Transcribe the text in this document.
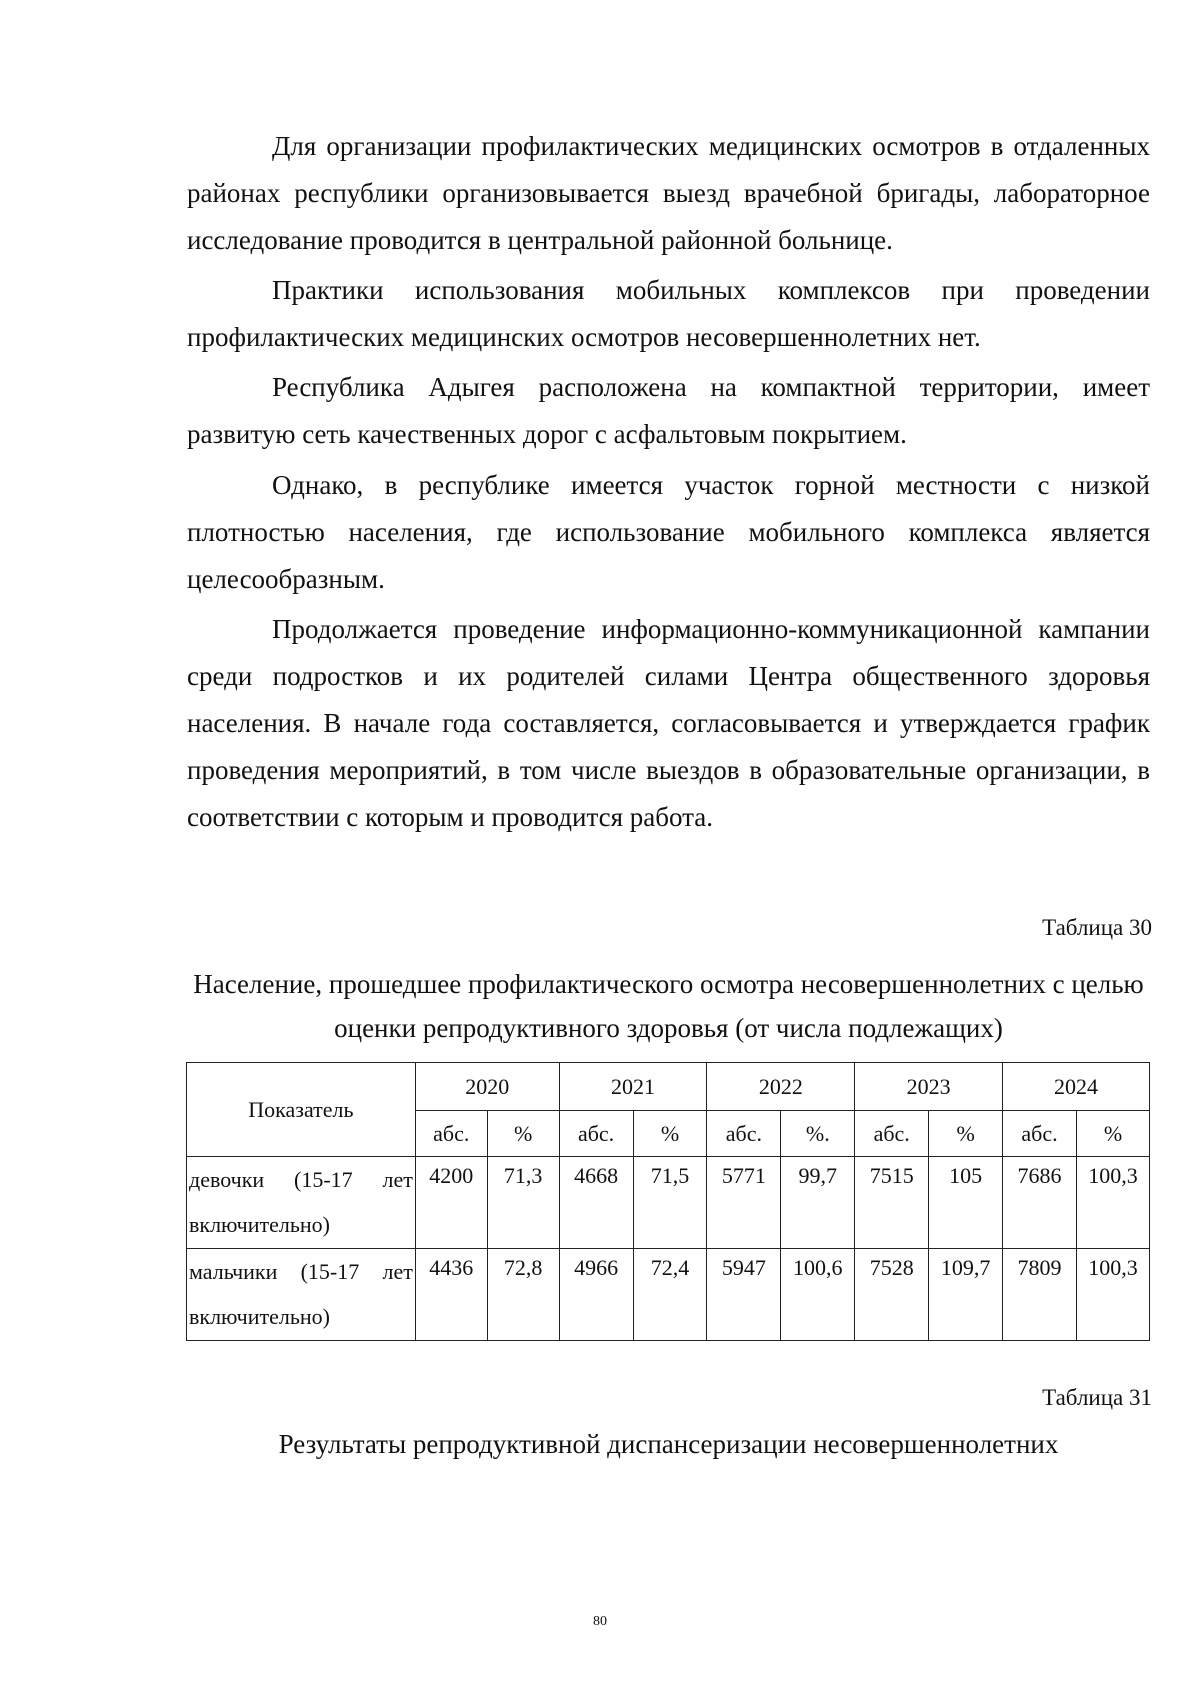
Для организации профилактических медицинских осмотров в отдаленных районах республики организовывается выезд врачебной бригады, лабораторное исследование проводится в центральной районной больнице.

Практики использования мобильных комплексов при проведении профилактических медицинских осмотров несовершеннолетних нет.

Республика Адыгея расположена на компактной территории, имеет развитую сеть качественных дорог с асфальтовым покрытием.

Однако, в республике имеется участок горной местности с низкой плотностью населения, где использование мобильного комплекса является целесообразным.

Продолжается проведение информационно-коммуникационной кампании среди подростков и их родителей силами Центра общественного здоровья населения. В начале года составляется, согласовывается и утверждается график проведения мероприятий, в том числе выездов в образовательные организации, в соответствии с которым и проводится работа.

Таблица 30
Население, прошедшее профилактического осмотра несовершеннолетних с целью оценки репродуктивного здоровья (от числа подлежащих)
Показатель	2020		2021		2022		2023		2024	
	абс.	%	абс.	%	абс.	%.	абс.	%	абс.	%
девочки (15-17 лет включительно)	4200	71,3	4668	71,5	5771	99,7	7515	105	7686	100,3
мальчики (15-17 лет включительно)	4436	72,8	4966	72,4	5947	100,6	7528	109,7	7809	100,3
Таблица 31
Результаты репродуктивной диспансеризации несовершеннолетних
80
